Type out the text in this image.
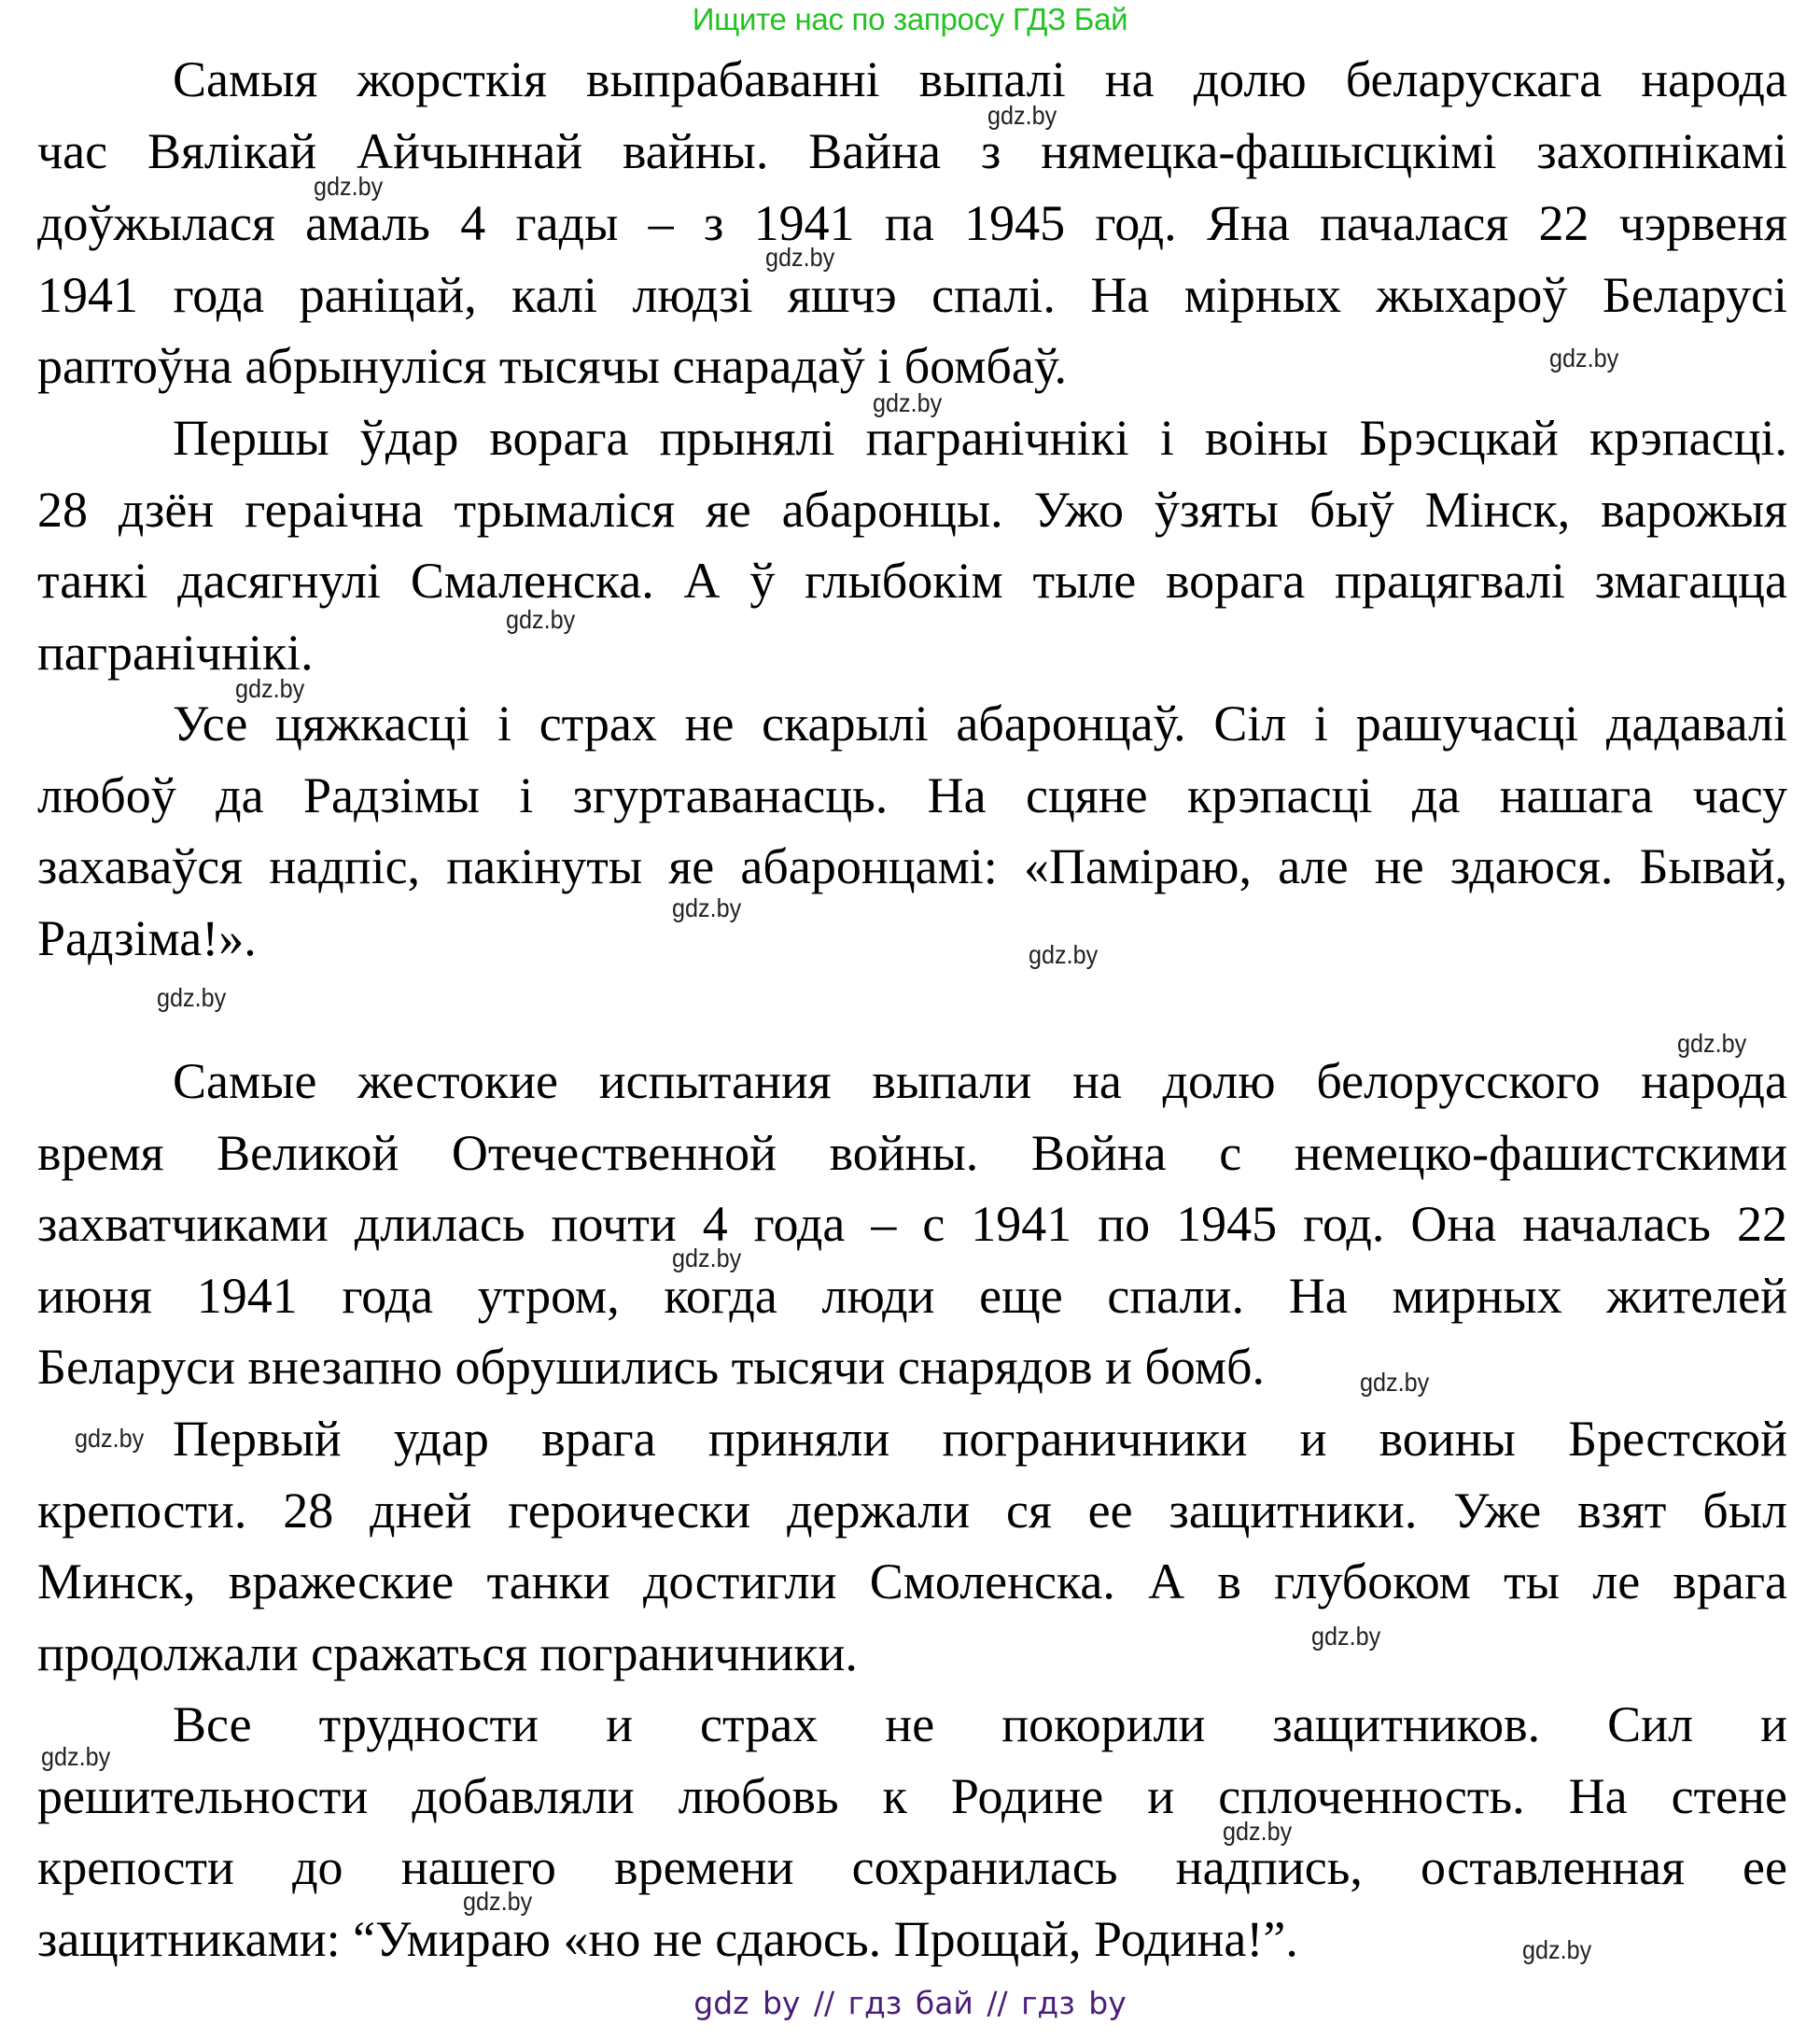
Ищите нас по запросу ГДЗ Бай
Самыя жорсткія выпрабаванні выпалі на долю беларускага народа
час Вялікай Айчыннай вайны. Вайна з нямецка-фашысцкімі захопнікамі
доўжылася амаль 4 гады – з 1941 па 1945 год. Яна пачалася 22 чэрвеня
1941 года раніцай, калі людзі яшчэ спалі. На мірных жыхароў Беларусі
раптоўна абрынуліся тысячы снарадаў і бомбаў.
Першы ўдар ворага прынялі пагранічнікі і воіны Брэсцкай крэпасці.
28 дзён гераічна трымаліся яе абаронцы. Ужо ўзяты быў Мінск, варожыя
танкі дасягнулі Смаленска. А ў глыбокім тыле ворага працягвалі змагацца
пагранічнікі.
Усе цяжкасці і страх не скарылі абаронцаў. Сіл і рашучасці дадавалі
любоў да Радзімы і згуртаванасць. На сцяне крэпасці да нашага часу
захаваўся надпіс, пакінуты яе абаронцамі: «Паміраю, але не здаюся. Бывай,
Радзіма!».
Самые жестокие испытания выпали на долю белорусского народа
время Великой Отечественной войны. Война с немецко-фашистскими
захватчиками длилась почти 4 года – с 1941 по 1945 год. Она началась 22
июня 1941 года утром, когда люди еще спали. На мирных жителей
Беларуси внезапно обрушились тысячи снарядов и бомб.
Первый удар врага приняли пограничники и воины Брестской
крепости. 28 дней героически держали ся ее защитники. Уже взят был
Минск, вражеские танки достигли Смоленска. А в глубоком ты ле врага
продолжали сражаться пограничники.
Все трудности и страх не покорили защитников. Сил и
решительности добавляли любовь к Родине и сплоченность. На стене
крепости до нашего времени сохранилась надпись, оставленная ее
защитниками: “Умираю «но не сдаюсь. Прощай, Родина!”.
gdz.by
gdz.by
gdz.by
gdz.by
gdz.by
gdz.by
gdz.by
gdz.by
gdz.by
gdz.by
gdz.by
gdz.by
gdz.by
gdz.by
gdz.by
gdz.by
gdz.by
gdz.by
gdz.by
gdz by // гдз бай // гдз by
